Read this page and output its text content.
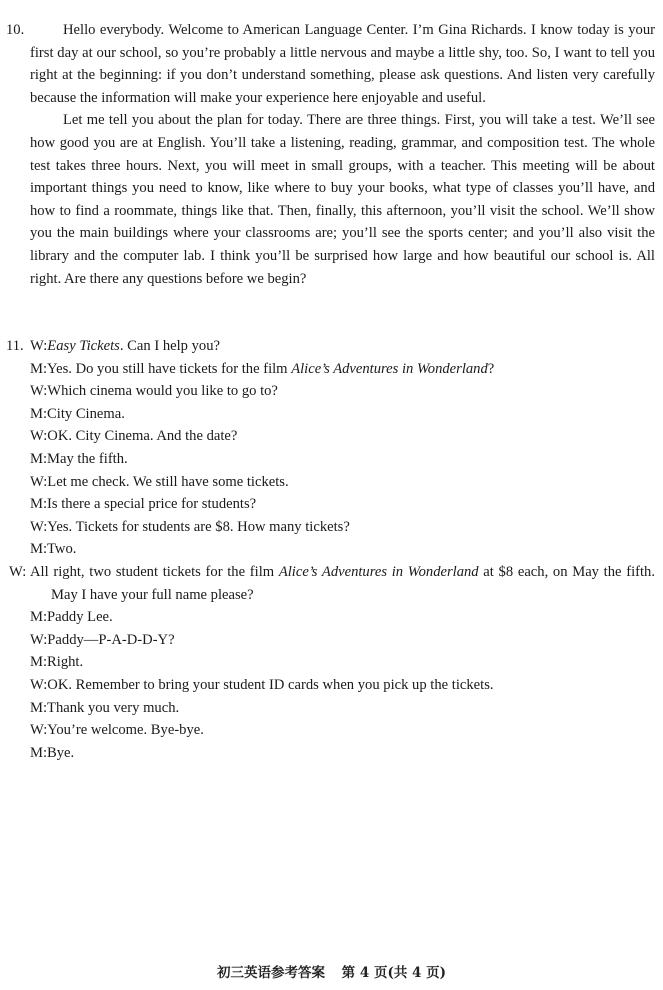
10.	Hello everybody. Welcome to American Language Center. I’m Gina Richards. I know today is your first day at our school, so you’re probably a little nervous and maybe a little shy, too. So, I want to tell you right at the beginning: if you don’t understand something, please ask questions. And listen very carefully because the information will make your experience here enjoyable and useful.

Let me tell you about the plan for today. There are three things. First, you will take a test. We’ll see how good you are at English. You’ll take a listening, reading, grammar, and composition test. The whole test takes three hours. Next, you will meet in small groups, with a teacher. This meeting will be about important things you need to know, like where to buy your books, what type of classes you’ll have, and how to find a roommate, things like that. Then, finally, this afternoon, you’ll visit the school. We’ll show you the main buildings where your classrooms are; you’ll see the sports center; and you’ll also visit the library and the computer lab. I think you’ll be surprised how large and how beautiful our school is. All right. Are there any questions before we begin?

11. W:Easy Tickets. Can I help you?
M:Yes. Do you still have tickets for the film Alice’s Adventures in Wonderland?
W:Which cinema would you like to go to?
M:City Cinema.
W:OK. City Cinema. And the date?
M:May the fifth.
W:Let me check. We still have some tickets.
M:Is there a special price for students?
W:Yes. Tickets for students are $8. How many tickets?
M:Two.
W: All right, two student tickets for the film Alice’s Adventures in Wonderland at $8 each, on May the fifth. May I have your full name please?
M:Paddy Lee.
W:Paddy—P-A-D-D-Y?
M:Right.
W:OK. Remember to bring your student ID cards when you pick up the tickets.
M:Thank you very much.
W:You’re welcome. Bye-bye.
M:Bye.
初三英语参考答案 第 4 页(共 4 页)
